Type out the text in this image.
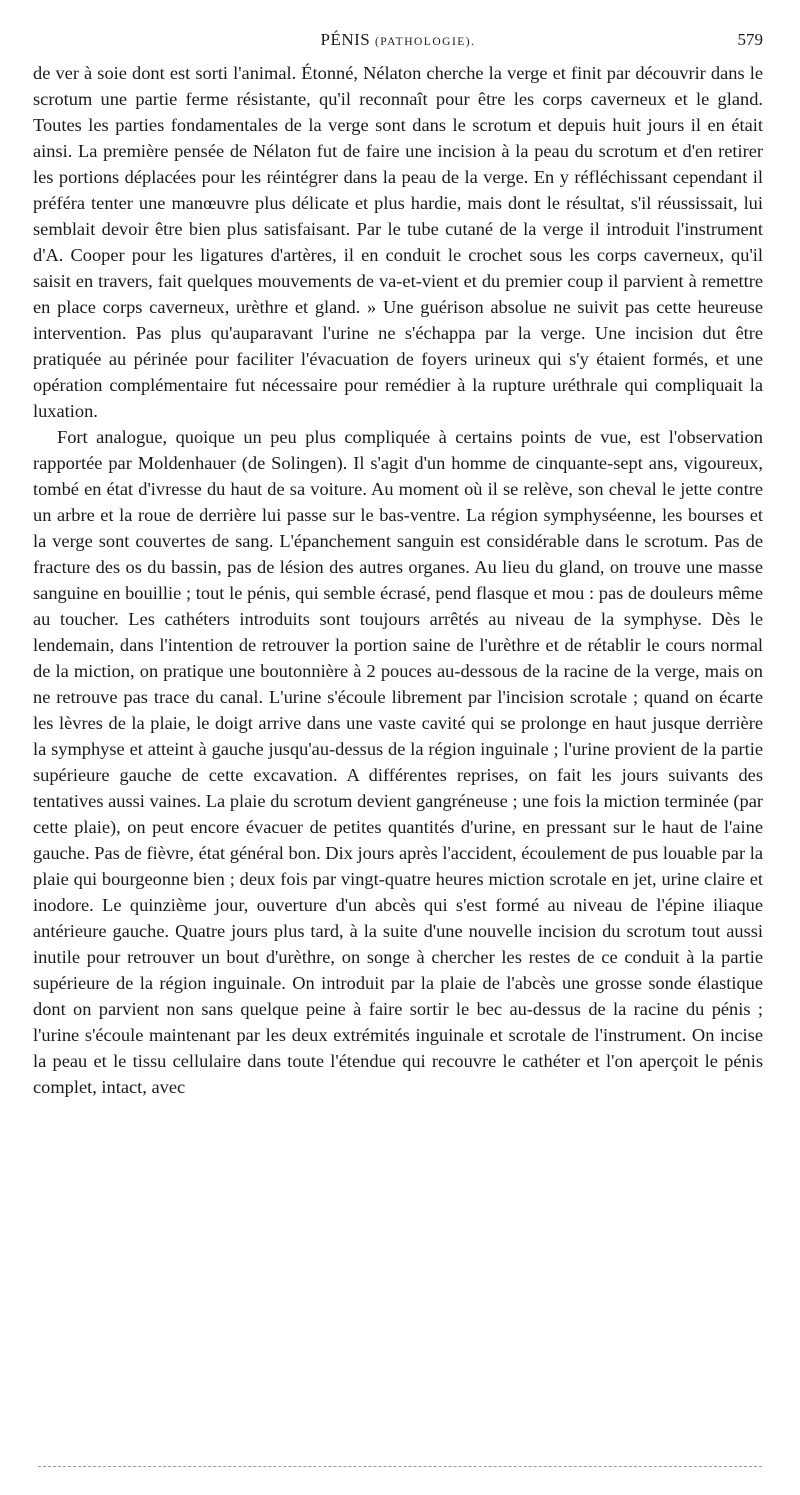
PÉNIS (PATHOLOGIE).	579

de ver à soie dont est sorti l'animal. Étonné, Nélaton cherche la verge et finit par découvrir dans le scrotum une partie ferme résistante, qu'il reconnaît pour être les corps caverneux et le gland. Toutes les parties fondamentales de la verge sont dans le scrotum et depuis huit jours il en était ainsi. La première pensée de Nélaton fut de faire une incision à la peau du scrotum et d'en retirer les portions déplacées pour les réintégrer dans la peau de la verge. En y réfléchissant cependant il préféra tenter une manœuvre plus délicate et plus hardie, mais dont le résultat, s'il réussissait, lui semblait devoir être bien plus satisfaisant. Par le tube cutané de la verge il introduit l'instrument d'A. Cooper pour les ligatures d'artères, il en conduit le crochet sous les corps caverneux, qu'il saisit en travers, fait quelques mouvements de va-et-vient et du premier coup il parvient à remettre en place corps caverneux, urèthre et gland. » Une guérison absolue ne suivit pas cette heureuse intervention. Pas plus qu'auparavant l'urine ne s'échappa par la verge. Une incision dut être pratiquée au périnée pour faciliter l'évacuation de foyers urineux qui s'y étaient formés, et une opération complémentaire fut nécessaire pour remédier à la rupture uréthrale qui compliquait la luxation.

Fort analogue, quoique un peu plus compliquée à certains points de vue, est l'observation rapportée par Moldenhauer (de Solingen). Il s'agit d'un homme de cinquante-sept ans, vigoureux, tombé en état d'ivresse du haut de sa voiture. Au moment où il se relève, son cheval le jette contre un arbre et la roue de derrière lui passe sur le bas-ventre. La région symphyséenne, les bourses et la verge sont couvertes de sang. L'épanchement sanguin est considérable dans le scrotum. Pas de fracture des os du bassin, pas de lésion des autres organes. Au lieu du gland, on trouve une masse sanguine en bouillie ; tout le pénis, qui semble écrasé, pend flasque et mou : pas de douleurs même au toucher. Les cathéters introduits sont toujours arrêtés au niveau de la symphyse. Dès le lendemain, dans l'intention de retrouver la portion saine de l'urèthre et de rétablir le cours normal de la miction, on pratique une boutonnière à 2 pouces au-dessous de la racine de la verge, mais on ne retrouve pas trace du canal. L'urine s'écoule librement par l'incision scrotale ; quand on écarte les lèvres de la plaie, le doigt arrive dans une vaste cavité qui se prolonge en haut jusque derrière la symphyse et atteint à gauche jusqu'au-dessus de la région inguinale ; l'urine provient de la partie supérieure gauche de cette excavation. A différentes reprises, on fait les jours suivants des tentatives aussi vaines. La plaie du scrotum devient gangréneuse ; une fois la miction terminée (par cette plaie), on peut encore évacuer de petites quantités d'urine, en pressant sur le haut de l'aine gauche. Pas de fièvre, état général bon. Dix jours après l'accident, écoulement de pus louable par la plaie qui bourgeonne bien ; deux fois par vingt-quatre heures miction scrotale en jet, urine claire et inodore. Le quinzième jour, ouverture d'un abcès qui s'est formé au niveau de l'épine iliaque antérieure gauche. Quatre jours plus tard, à la suite d'une nouvelle incision du scrotum tout aussi inutile pour retrouver un bout d'urèthre, on songe à chercher les restes de ce conduit à la partie supérieure de la région inguinale. On introduit par la plaie de l'abcès une grosse sonde élastique dont on parvient non sans quelque peine à faire sortir le bec au-dessus de la racine du pénis ; l'urine s'écoule maintenant par les deux extrémités inguinale et scrotale de l'instrument. On incise la peau et le tissu cellulaire dans toute l'étendue qui recouvre le cathéter et l'on aperçoit le pénis complet, intact, avec
